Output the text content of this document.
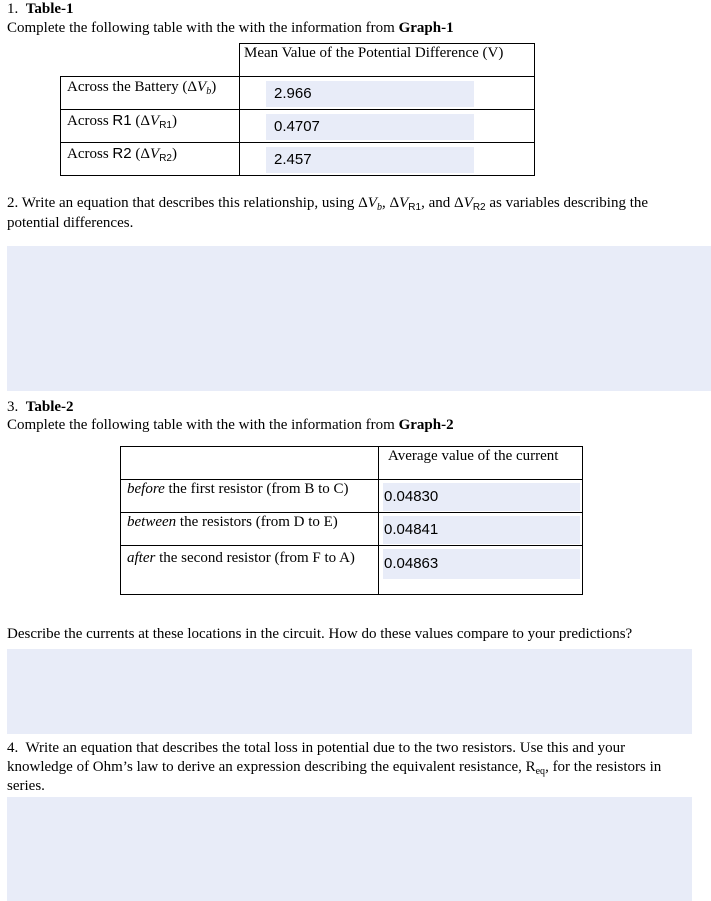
1. Table-1
Complete the following table with the with the information from Graph-1
	Mean Value of the Potential Difference (V)
Across the Battery $(\Delta V_b)$	2.966

Across R1 $(\Delta V_{R1})$	0.4707

Across R2 $(\Delta V_{R2})$	2.457
2. Write an equation that describes this relationship, using $\Delta V_b$, $\Delta V_{R1}$, and $\Delta V_{R2}$ as variables describing the
potential differences.
3. Table-2
Complete the following table with the with the information from Graph-2
	Average value of the current
before the first resistor (from B to C)	0.04830

between the resistors (from D to E)	0.04841

after the second resistor (from F to A)	0.04863
Describe the currents at these locations in the circuit. How do these values compare to your predictions?
4.  Write an equation that describes the total loss in potential due to the two resistors. Use this and your
knowledge of Ohm’s law to derive an expression describing the equivalent resistance, $R_{eq}$, for the resistors in
series.
